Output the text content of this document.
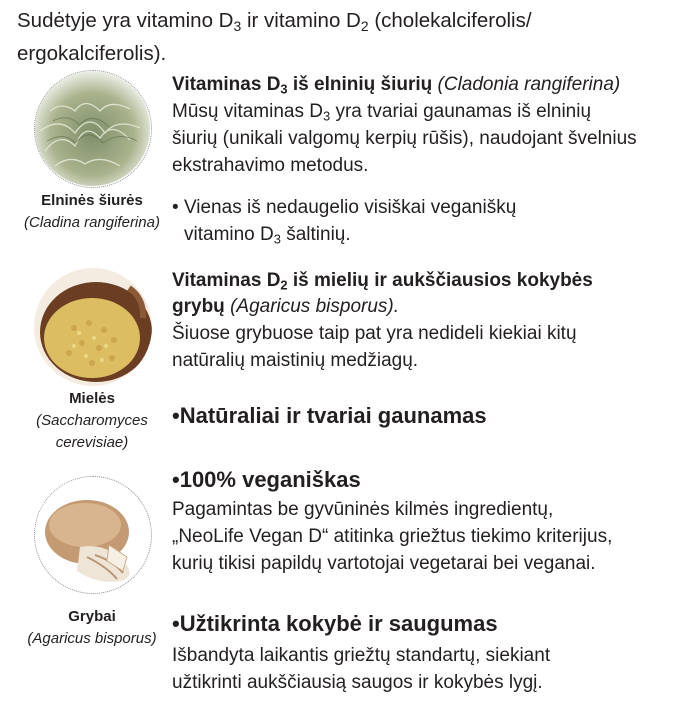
Sudėtyje yra vitamino $D_3$ ir vitamino $D_2$ (cholekalciferolis/
ergokalciferolis).
Elninės šiurės
(Cladina rangiferina)
Mielės
(Saccharomyces
cerevisiae)
Grybai
(Agaricus bisporus)
Vitaminas $D_3$ iš elninių šiurių (Cladonia rangiferina)
Mūsų vitaminas $D_3$ yra tvariai gaunamas iš elninių
šiurių (unikali valgomų kerpių rūšis), naudojant švelnius
ekstrahavimo metodus.
• Vienas iš nedaugelio visiškai veganiškų
vitamino $D_3$ šaltinių.
Vitaminas $D_2$ iš mielių ir aukščiausios kokybės
grybų (Agaricus bisporus).
Šiuose grybuose taip pat yra nedideli kiekiai kitų
natūralių maistinių medžiagų.
•Natūraliai ir tvariai gaunamas
•100% veganiškas
Pagamintas be gyvūninės kilmės ingredientų,
„NeoLife Vegan D“ atitinka griežtus tiekimo kriterijus,
kurių tikisi papildų vartotojai vegetarai bei veganai.
•Užtikrinta kokybė ir saugumas
Išbandyta laikantis griežtų standartų, siekiant
užtikrinti aukščiausią saugos ir kokybės lygį.
